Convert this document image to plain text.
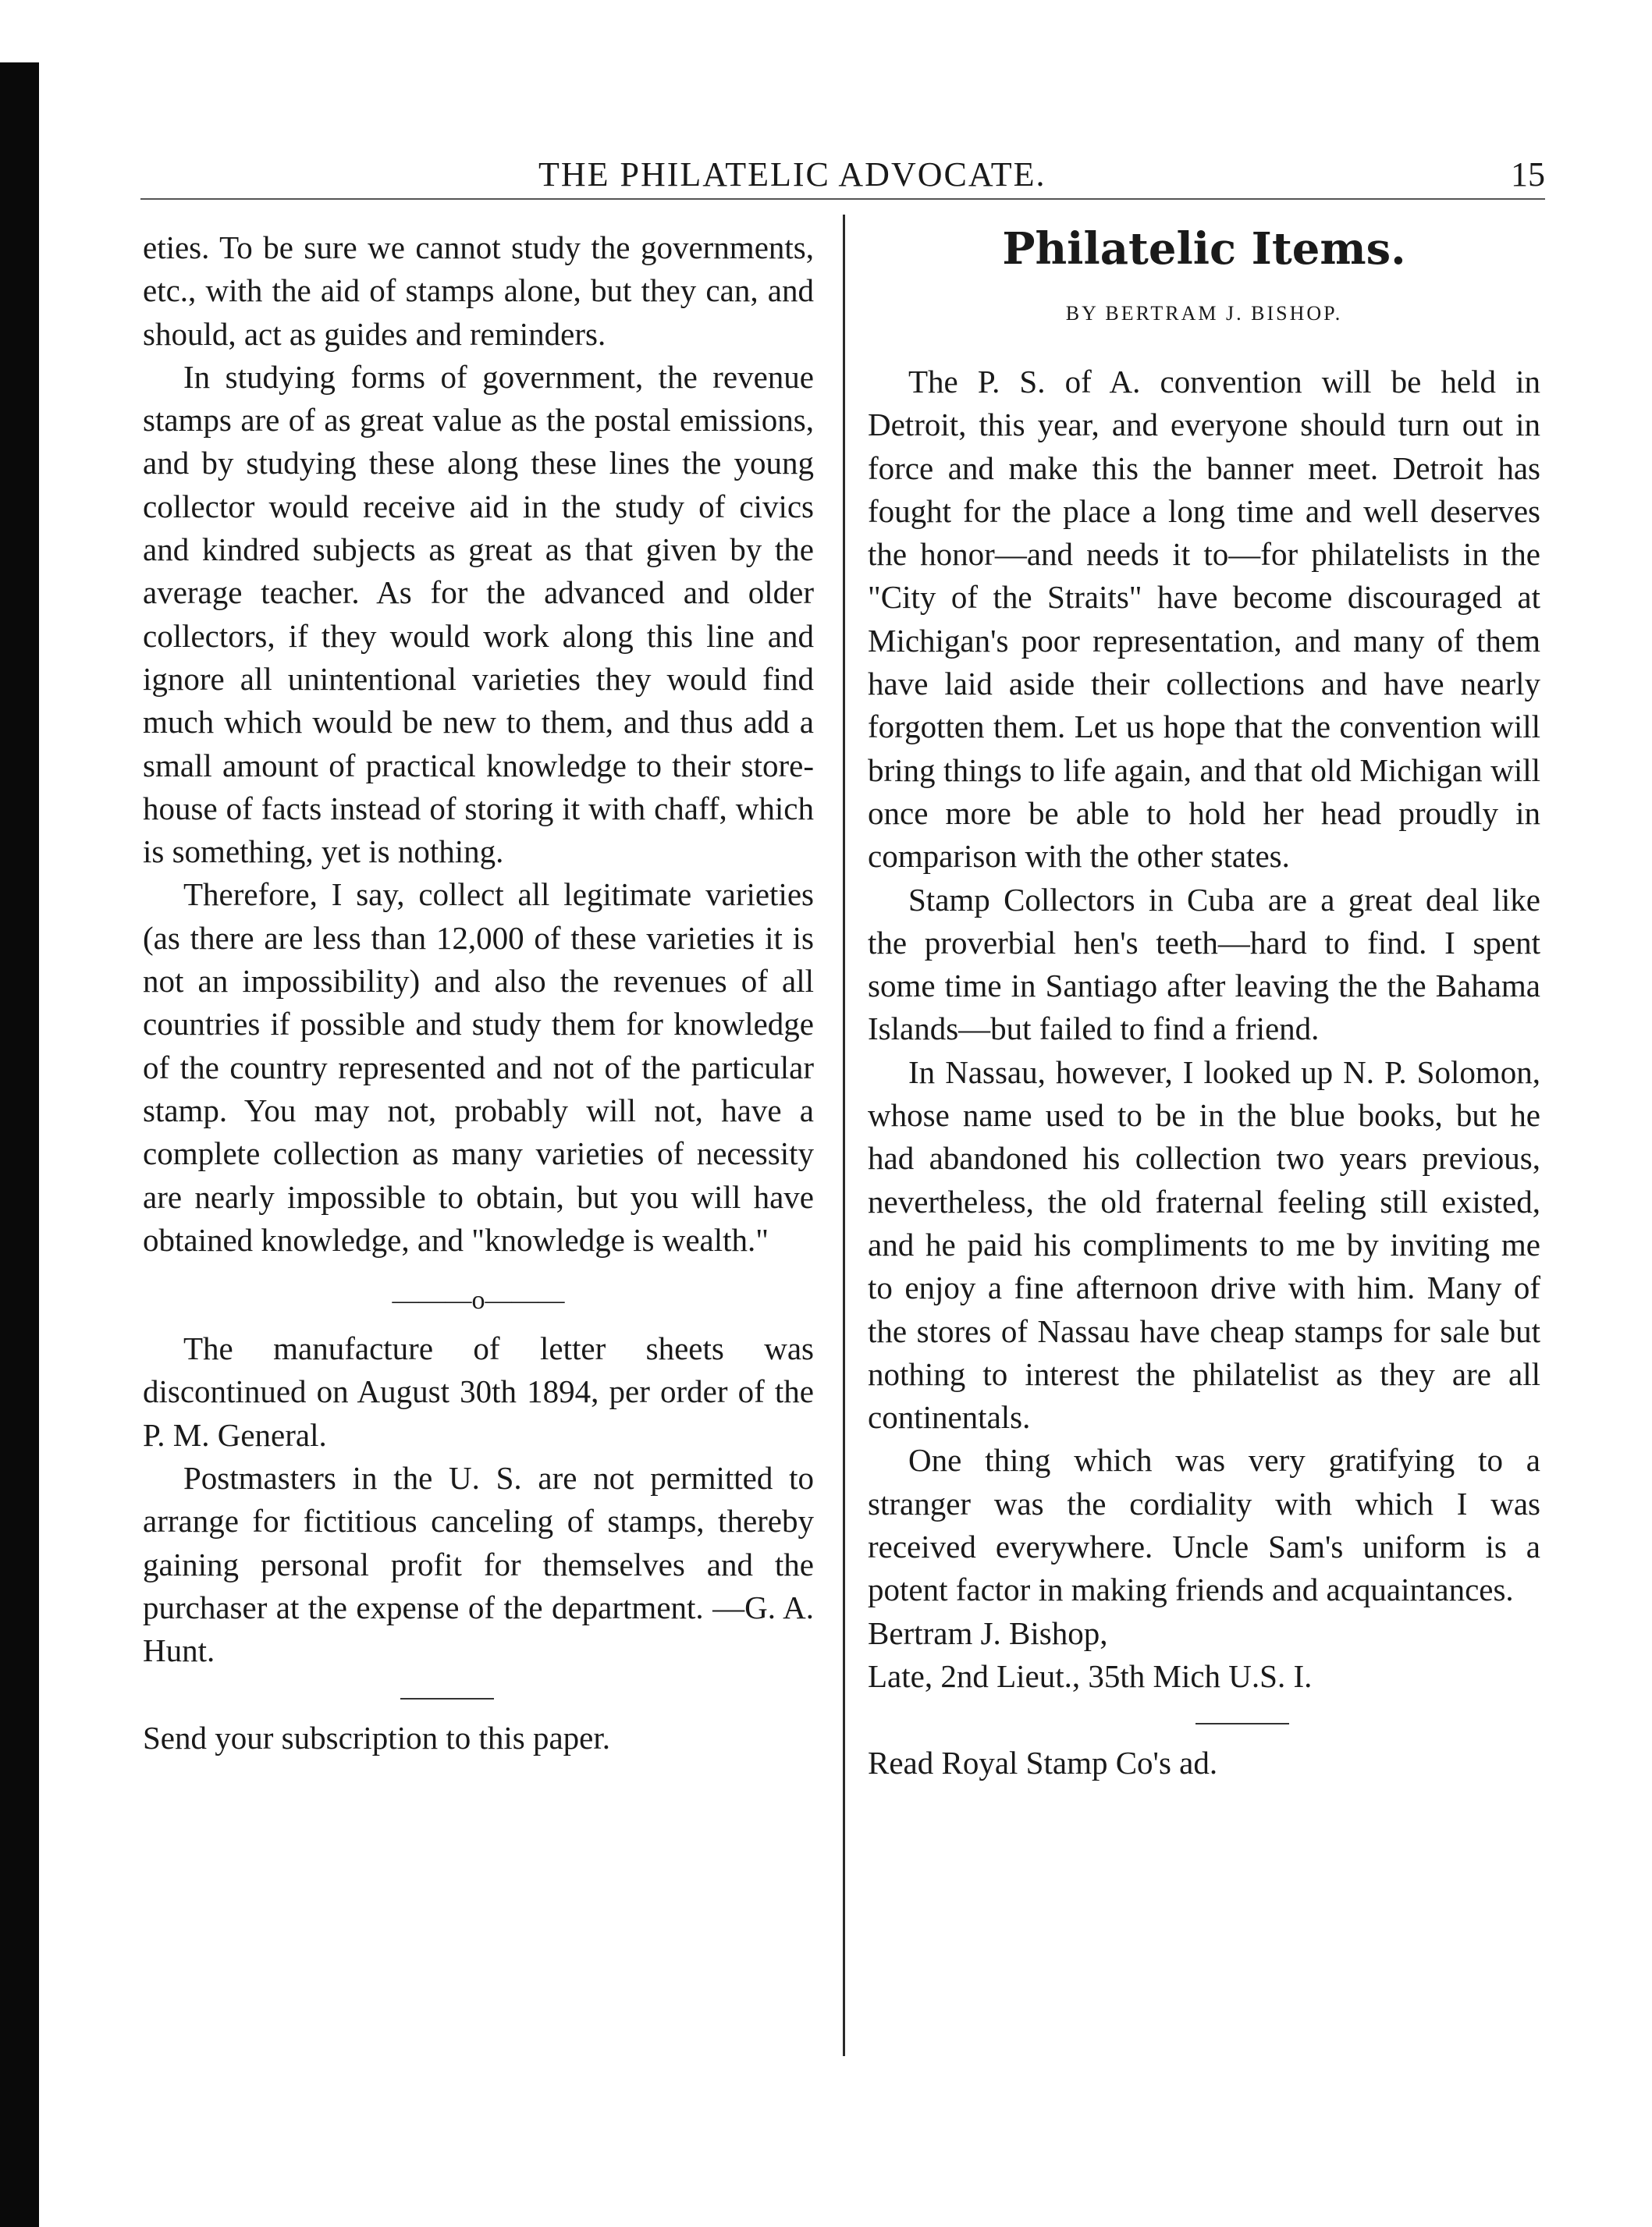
THE PHILATELIC ADVOCATE.	15

eties. To be sure we cannot study the governments, etc., with the aid of stamps alone, but they can, and should, act as guides and reminders.

In studying forms of government, the revenue stamps are of as great value as the postal emissions, and by studying these along these lines the young collector would receive aid in the study of civics and kindred subjects as great as that given by the average teacher. As for the advanced and older collectors, if they would work along this line and ignore all unintentional varieties they would find much which would be new to them, and thus add a small amount of practical knowledge to their store-house of facts instead of storing it with chaff, which is something, yet is nothing.

Therefore, I say, collect all legitimate varieties (as there are less than 12,000 of these varieties it is not an impossibility) and also the revenues of all countries if possible and study them for knowledge of the country represented and not of the particular stamp. You may not, probably will not, have a complete collection as many varieties of necessity are nearly impossible to obtain, but you will have obtained knowledge, and "knowledge is wealth."

———o———

The manufacture of letter sheets was discontinued on August 30th 1894, per order of the P. M. General.

Postmasters in the U. S. are not permitted to arrange for fictitious canceling of stamps, thereby gaining personal profit for themselves and the purchaser at the expense of the department. —G. A. Hunt.

Send your subscription to this paper.

Philatelic Items.
BY BERTRAM J. BISHOP.

The P. S. of A. convention will be held in Detroit, this year, and everyone should turn out in force and make this the banner meet. Detroit has fought for the place a long time and well deserves the honor—and needs it to—for philatelists in the "City of the Straits" have become discouraged at Michigan's poor representation, and many of them have laid aside their collections and have nearly forgotten them. Let us hope that the convention will bring things to life again, and that old Michigan will once more be able to hold her head proudly in comparison with the other states.

Stamp Collectors in Cuba are a great deal like the proverbial hen's teeth—hard to find. I spent some time in Santiago after leaving the the Bahama Islands—but failed to find a friend.

In Nassau, however, I looked up N. P. Solomon, whose name used to be in the blue books, but he had abandoned his collection two years previous, nevertheless, the old fraternal feeling still existed, and he paid his compliments to me by inviting me to enjoy a fine afternoon drive with him. Many of the stores of Nassau have cheap stamps for sale but nothing to interest the philatelist as they are all continentals.

One thing which was very gratifying to a stranger was the cordiality with which I was received everywhere. Uncle Sam's uniform is a potent factor in making friends and acquaintances.

Bertram J. Bishop,

Late, 2nd Lieut., 35th Mich U.S. I.

Read Royal Stamp Co's ad.
